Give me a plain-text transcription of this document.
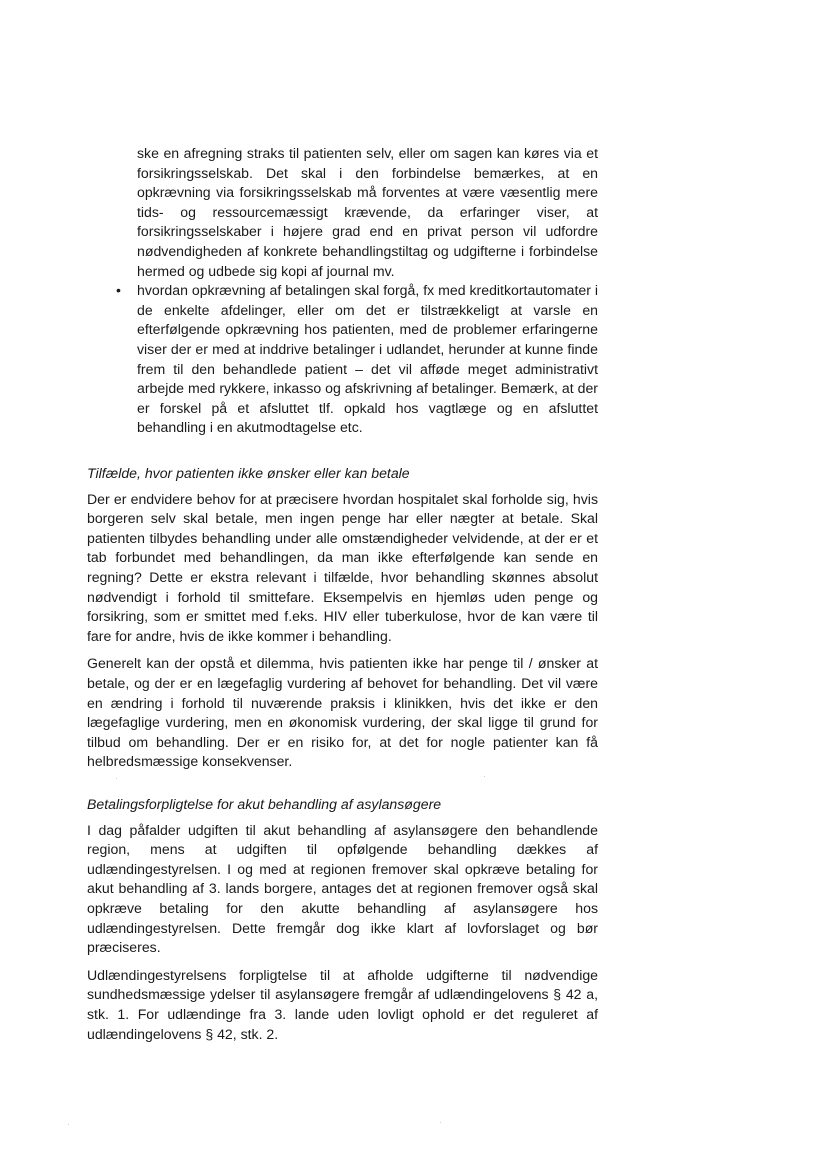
ske en afregning straks til patienten selv, eller om sagen kan køres via et forsikringsselskab. Det skal i den forbindelse bemærkes, at en opkrævning via forsikringsselskab må forventes at være væsentlig mere tids- og ressourcemæssigt krævende, da erfaringer viser, at forsikringsselskaber i højere grad end en privat person vil udfordre nødvendigheden af konkrete behandlingstiltag og udgifterne i forbindelse hermed og udbede sig kopi af journal mv.
•	hvordan opkrævning af betalingen skal forgå, fx med kreditkortautomater i de enkelte afdelinger, eller om det er tilstrækkeligt at varsle en efterfølgende opkrævning hos patienten, med de problemer erfaringerne viser der er med at inddrive betalinger i udlandet, herunder at kunne finde frem til den behandlede patient – det vil afføde meget administrativt arbejde med rykkere, inkasso og afskrivning af betalinger. Bemærk, at der er forskel på et afsluttet tlf. opkald hos vagtlæge og en afsluttet behandling i en akutmodtagelse etc.
Tilfælde, hvor patienten ikke ønsker eller kan betale

Der er endvidere behov for at præcisere hvordan hospitalet skal forholde sig, hvis borgeren selv skal betale, men ingen penge har eller nægter at betale. Skal patienten tilbydes behandling under alle omstændigheder velvidende, at der er et tab forbundet med behandlingen, da man ikke efterfølgende kan sende en regning? Dette er ekstra relevant i tilfælde, hvor behandling skønnes absolut nødvendigt i forhold til smittefare. Eksempelvis en hjemløs uden penge og forsikring, som er smittet med f.eks. HIV eller tuberkulose, hvor de kan være til fare for andre, hvis de ikke kommer i behandling.

Generelt kan der opstå et dilemma, hvis patienten ikke har penge til / ønsker at betale, og der er en lægefaglig vurdering af behovet for behandling. Det vil være en ændring i forhold til nuværende praksis i klinikken, hvis det ikke er den lægefaglige vurdering, men en økonomisk vurdering, der skal ligge til grund for tilbud om behandling. Der er en risiko for, at det for nogle patienter kan få helbredsmæssige konsekvenser.

Betalingsforpligtelse for akut behandling af asylansøgere

I dag påfalder udgiften til akut behandling af asylansøgere den behandlende region, mens at udgiften til opfølgende behandling dækkes af udlændingestyrelsen. I og med at regionen fremover skal opkræve betaling for akut behandling af 3. lands borgere, antages det at regionen fremover også skal opkræve betaling for den akutte behandling af asylansøgere hos udlændingestyrelsen. Dette fremgår dog ikke klart af lovforslaget og bør præciseres.

Udlændingestyrelsens forpligtelse til at afholde udgifterne til nødvendige sundhedsmæssige ydelser til asylansøgere fremgår af udlændingelovens § 42 a, stk. 1. For udlændinge fra 3. lande uden lovligt ophold er det reguleret af udlændingelovens § 42, stk. 2.
